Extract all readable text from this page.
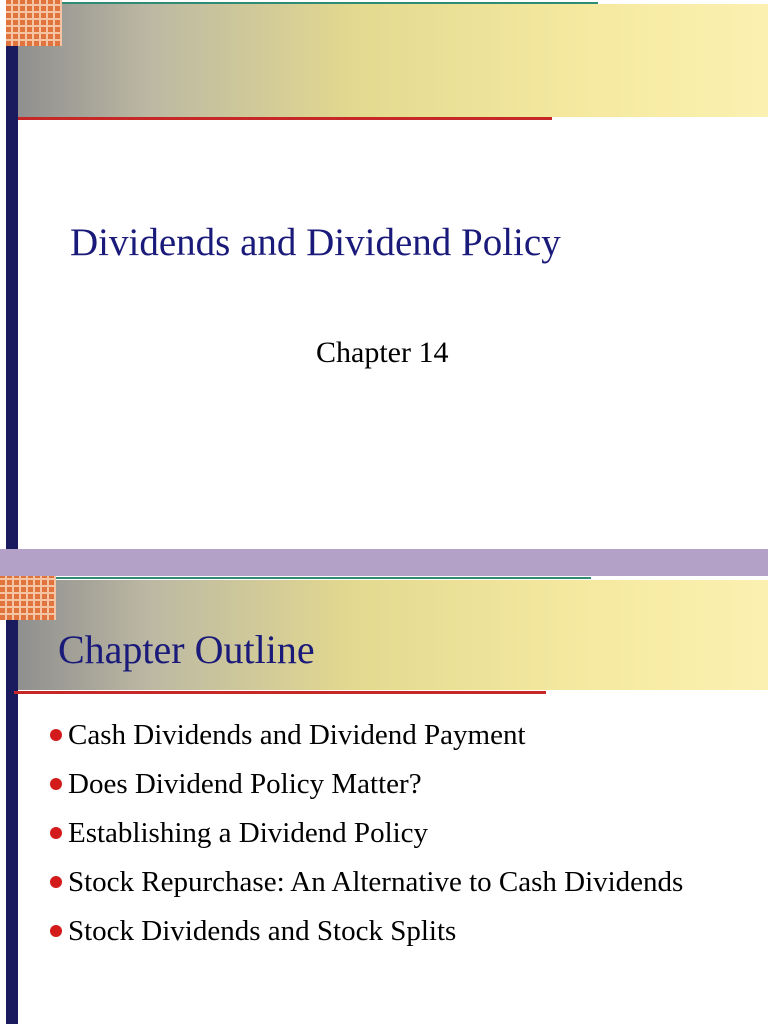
Dividends and Dividend Policy
Chapter 14
Chapter Outline
Cash Dividends and Dividend Payment
Does Dividend Policy Matter?
Establishing a Dividend Policy
Stock Repurchase: An Alternative to Cash Dividends
Stock Dividends and Stock Splits
